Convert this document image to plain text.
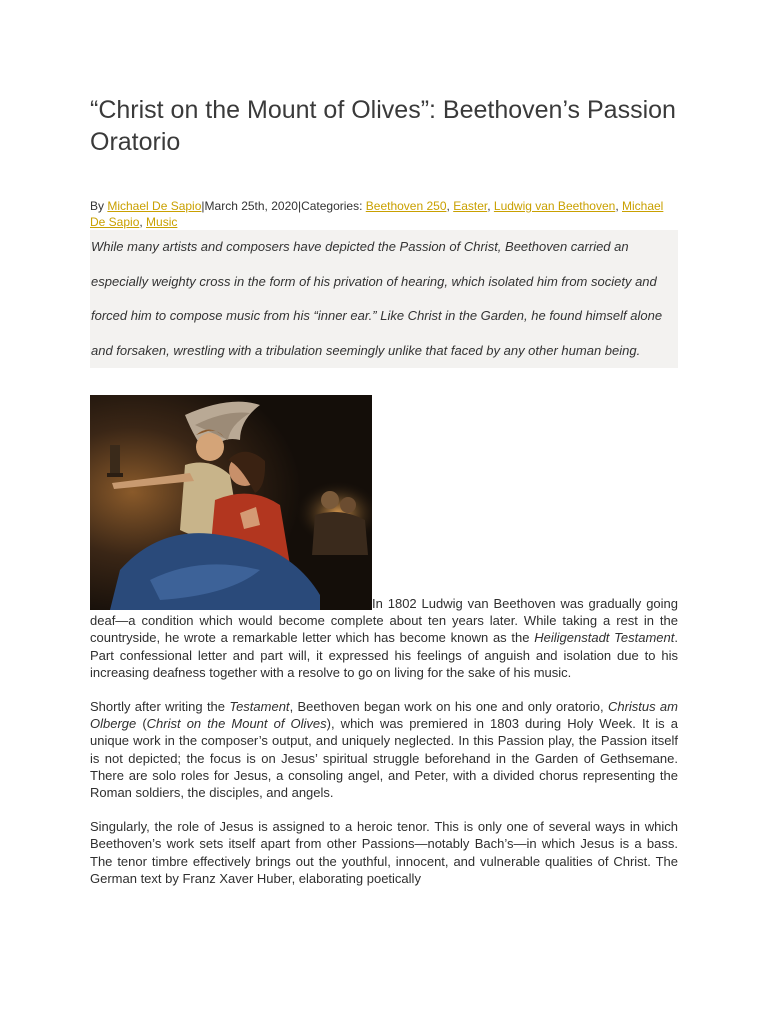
“Christ on the Mount of Olives”: Beethoven’s Passion Oratorio
By Michael De Sapio|March 25th, 2020|Categories: Beethoven 250, Easter, Ludwig van Beethoven, Michael De Sapio, Music
While many artists and composers have depicted the Passion of Christ, Beethoven carried an especially weighty cross in the form of his privation of hearing, which isolated him from society and forced him to compose music from his “inner ear.” Like Christ in the Garden, he found himself alone and forsaken, wrestling with a tribulation seemingly unlike that faced by any other human being.

In 1802 Ludwig van Beethoven was gradually going deaf—a condition which would become complete about ten years later. While taking a rest in the countryside, he wrote a remarkable letter which has become known as the Heiligenstadt Testament. Part confessional letter and part will, it expressed his feelings of anguish and isolation due to his increasing deafness together with a resolve to go on living for the sake of his music.

Shortly after writing the Testament, Beethoven began work on his one and only oratorio, Christus am Olberge (Christ on the Mount of Olives), which was premiered in 1803 during Holy Week. It is a unique work in the composer’s output, and uniquely neglected. In this Passion play, the Passion itself is not depicted; the focus is on Jesus’ spiritual struggle beforehand in the Garden of Gethsemane. There are solo roles for Jesus, a consoling angel, and Peter, with a divided chorus representing the Roman soldiers, the disciples, and angels.

Singularly, the role of Jesus is assigned to a heroic tenor. This is only one of several ways in which Beethoven’s work sets itself apart from other Passions—notably Bach’s—in which Jesus is a bass. The tenor timbre effectively brings out the youthful, innocent, and vulnerable qualities of Christ. The German text by Franz Xaver Huber, elaborating poetically
